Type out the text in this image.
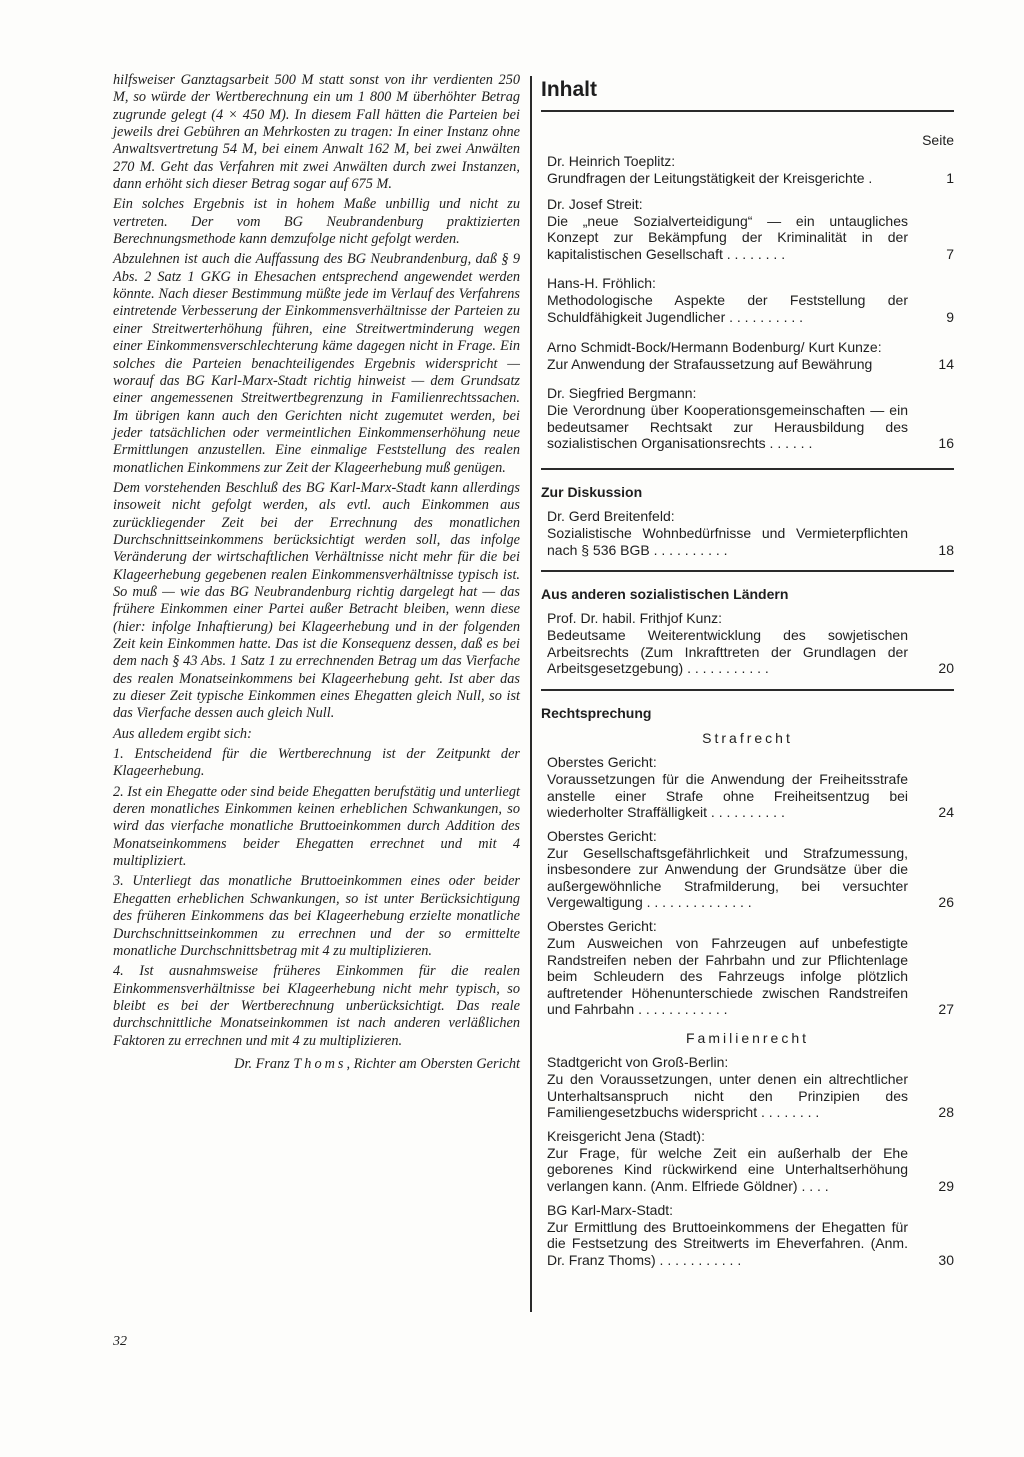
hilfsweiser Ganztagsarbeit 500 M statt sonst von ihr verdienten 250 M, so würde der Wertberechnung ein um 1 800 M überhöhter Betrag zugrunde gelegt (4 × 450 M). In diesem Fall hätten die Parteien bei jeweils drei Gebühren an Mehrkosten zu tragen: In einer Instanz ohne Anwaltsvertretung 54 M, bei einem Anwalt 162 M, bei zwei Anwälten 270 M. Geht das Verfahren mit zwei Anwälten durch zwei Instanzen, dann erhöht sich dieser Betrag sogar auf 675 M.

Ein solches Ergebnis ist in hohem Maße unbillig und nicht zu vertreten. Der vom BG Neubrandenburg praktizierten Berechnungsmethode kann demzufolge nicht gefolgt werden.

Abzulehnen ist auch die Auffassung des BG Neubrandenburg, daß § 9 Abs. 2 Satz 1 GKG in Ehesachen entsprechend angewendet werden könnte. Nach dieser Bestimmung müßte jede im Verlauf des Verfahrens eintretende Verbesserung der Einkommensverhältnisse der Parteien zu einer Streitwerterhöhung führen, eine Streitwertminderung wegen einer Einkommensverschlechterung käme dagegen nicht in Frage. Ein solches die Parteien benachteiligendes Ergebnis widerspricht — worauf das BG Karl-Marx-Stadt richtig hinweist — dem Grundsatz einer angemessenen Streitwertbegrenzung in Familienrechtssachen. Im übrigen kann auch den Gerichten nicht zugemutet werden, bei jeder tatsächlichen oder vermeintlichen Einkommenserhöhung neue Ermittlungen anzustellen. Eine einmalige Feststellung des realen monatlichen Einkommens zur Zeit der Klageerhebung muß genügen.

Dem vorstehenden Beschluß des BG Karl-Marx-Stadt kann allerdings insoweit nicht gefolgt werden, als evtl. auch Einkommen aus zurückliegender Zeit bei der Errechnung des monatlichen Durchschnittseinkommens berücksichtigt werden soll, das infolge Veränderung der wirtschaftlichen Verhältnisse nicht mehr für die bei Klageerhebung gegebenen realen Einkommensverhältnisse typisch ist. So muß — wie das BG Neubrandenburg richtig dargelegt hat — das frühere Einkommen einer Partei außer Betracht bleiben, wenn diese (hier: infolge Inhaftierung) bei Klageerhebung und in der folgenden Zeit kein Einkommen hatte. Das ist die Konsequenz dessen, daß es bei dem nach § 43 Abs. 1 Satz 1 zu errechnenden Betrag um das Vierfache des realen Monatseinkommens bei Klageerhebung geht. Ist aber das zu dieser Zeit typische Einkommen eines Ehegatten gleich Null, so ist das Vierfache dessen auch gleich Null.

Aus alledem ergibt sich:

1. Entscheidend für die Wertberechnung ist der Zeitpunkt der Klageerhebung.

2. Ist ein Ehegatte oder sind beide Ehegatten berufstätig und unterliegt deren monatliches Einkommen keinen erheblichen Schwankungen, so wird das vierfache monatliche Bruttoeinkommen durch Addition des Monatseinkommens beider Ehegatten errechnet und mit 4 multipliziert.

3. Unterliegt das monatliche Bruttoeinkommen eines oder beider Ehegatten erheblichen Schwankungen, so ist unter Berücksichtigung des früheren Einkommens das bei Klageerhebung erzielte monatliche Durchschnittseinkommen zu errechnen und der so ermittelte monatliche Durchschnittsbetrag mit 4 zu multiplizieren.

4. Ist ausnahmsweise früheres Einkommen für die realen Einkommensverhältnisse bei Klageerhebung nicht mehr typisch, so bleibt es bei der Wertberechnung unberücksichtigt. Das reale durchschnittliche Monatseinkommen ist nach anderen verläßlichen Faktoren zu errechnen und mit 4 zu multiplizieren.

Dr. Franz Thoms, Richter am Obersten Gericht

Inhalt
Seite
Dr. Heinrich Toeplitz:
Grundfragen der Leitungstätigkeit der Kreisgerichte .	1
Dr. Josef Streit:
Die „neue Sozialverteidigung“ — ein untaugliches Konzept zur Bekämpfung der Kriminalität in der kapitalistischen Gesellschaft . . . . . . . .	7
Hans-H. Fröhlich:
Methodologische Aspekte der Feststellung der Schuldfähigkeit Jugendlicher . . . . . . . . . .	9
Arno Schmidt-Bock/Hermann Bodenburg/ Kurt Kunze:
Zur Anwendung der Strafaussetzung auf Bewährung	14
Dr. Siegfried Bergmann:
Die Verordnung über Kooperationsgemeinschaften — ein bedeutsamer Rechtsakt zur Herausbildung des sozialistischen Organisationsrechts . . . . . .	16
Zur Diskussion
Dr. Gerd Breitenfeld:
Sozialistische Wohnbedürfnisse und Vermieterpflichten nach § 536 BGB . . . . . . . . . .	18
Aus anderen sozialistischen Ländern
Prof. Dr. habil. Frithjof Kunz:
Bedeutsame Weiterentwicklung des sowjetischen Arbeitsrechts (Zum Inkrafttreten der Grundlagen der Arbeitsgesetzgebung) . . . . . . . . . . .	20
Rechtsprechung
Strafrecht
Oberstes Gericht:
Voraussetzungen für die Anwendung der Freiheitsstrafe anstelle einer Strafe ohne Freiheitsentzug bei wiederholter Straffälligkeit . . . . . . . . . .	24
Oberstes Gericht:
Zur Gesellschaftsgefährlichkeit und Strafzumessung, insbesondere zur Anwendung der Grundsätze über die außergewöhnliche Strafmilderung, bei versuchter Vergewaltigung . . . . . . . . . . . . . .	26
Oberstes Gericht:
Zum Ausweichen von Fahrzeugen auf unbefestigte Randstreifen neben der Fahrbahn und zur Pflichtenlage beim Schleudern des Fahrzeugs infolge plötzlich auftretender Höhenunterschiede zwischen Randstreifen und Fahrbahn . . . . . . . . . . . .	27
Familienrecht
Stadtgericht von Groß-Berlin:
Zu den Voraussetzungen, unter denen ein altrechtlicher Unterhaltsanspruch nicht den Prinzipien des Familiengesetzbuchs widerspricht . . . . . . . .	28
Kreisgericht Jena (Stadt):
Zur Frage, für welche Zeit ein außerhalb der Ehe geborenes Kind rückwirkend eine Unterhaltserhöhung verlangen kann. (Anm. Elfriede Göldner) . . . .	29
BG Karl-Marx-Stadt:
Zur Ermittlung des Bruttoeinkommens der Ehegatten für die Festsetzung des Streitwerts im Eheverfahren. (Anm. Dr. Franz Thoms) . . . . . . . . . . .	30
32
